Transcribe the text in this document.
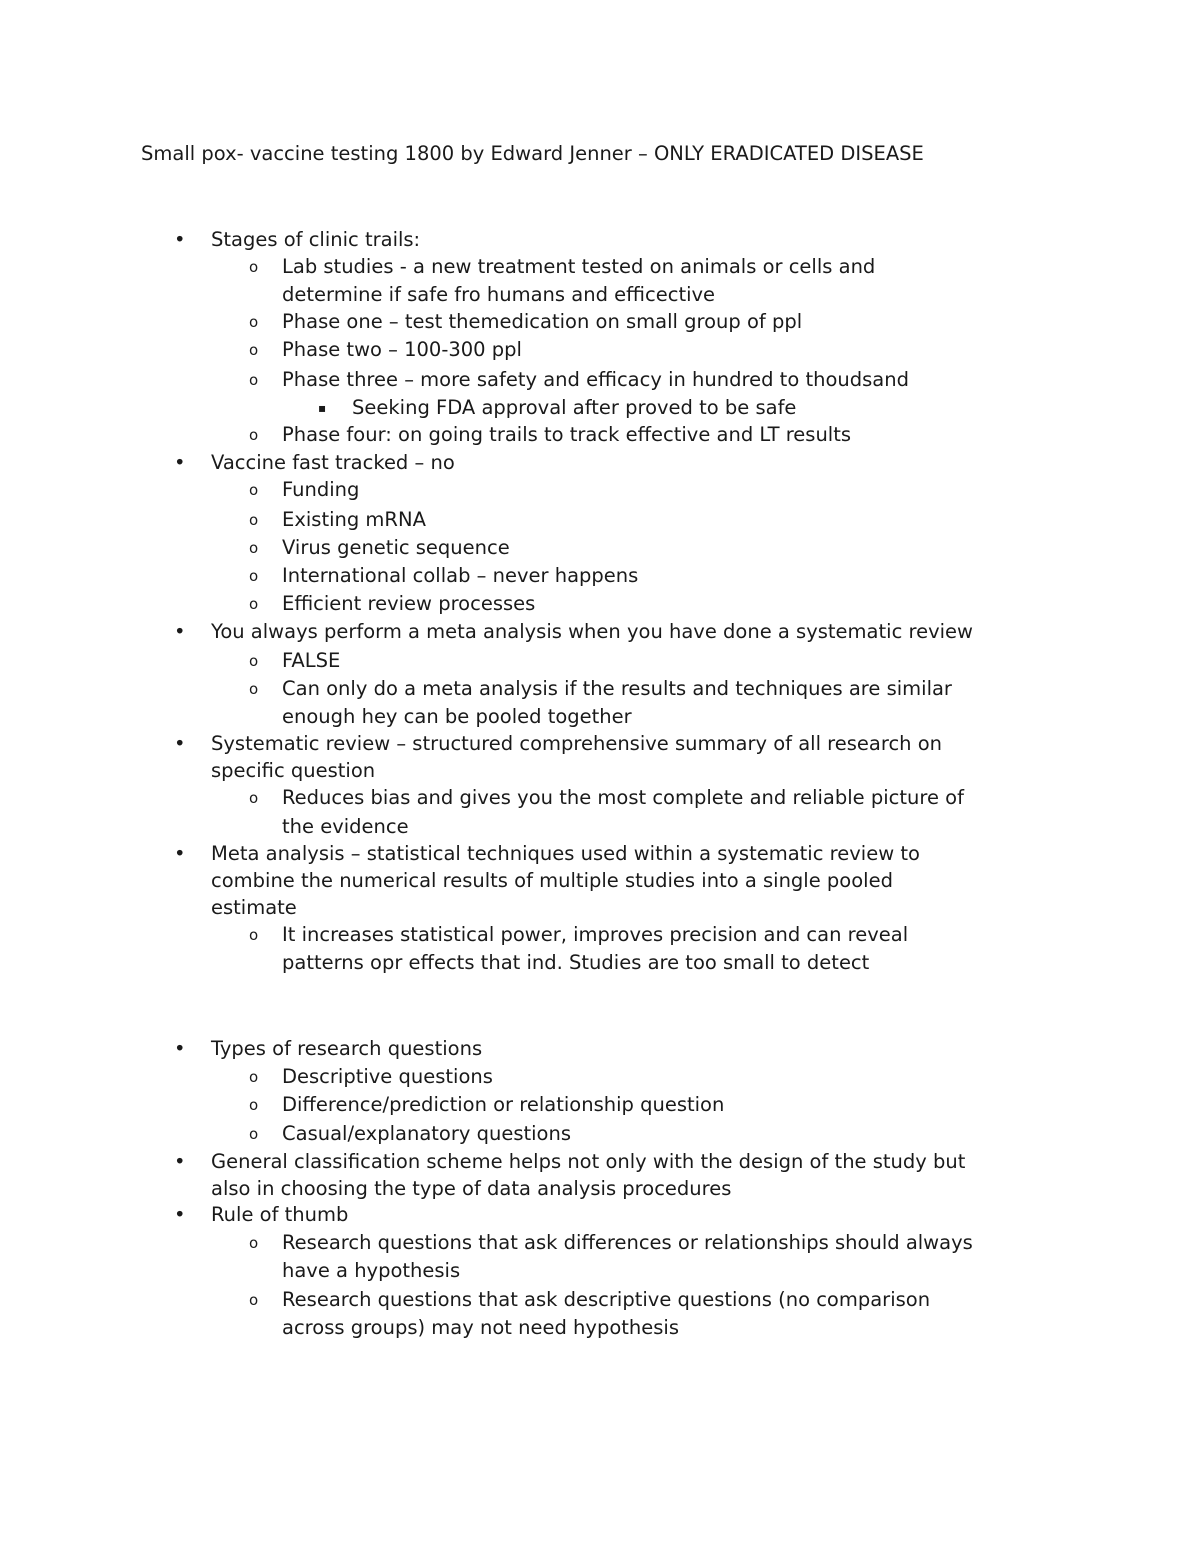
Small pox- vaccine testing 1800 by Edward Jenner – ONLY ERADICATED DISEASE
• Stages of clinic trails:
o Lab studies - a new treatment tested on animals or cells and
determine if safe fro humans and efficective
o Phase one – test themedication on small group of ppl
o Phase two – 100-300 ppl
o Phase three – more safety and efficacy in hundred to thoudsand
▪ Seeking FDA approval after proved to be safe
o Phase four: on going trails to track effective and LT results
• Vaccine fast tracked – no
o Funding
o Existing mRNA
o Virus genetic sequence
o International collab – never happens
o Efficient review processes
• You always perform a meta analysis when you have done a systematic review
o FALSE
o Can only do a meta analysis if the results and techniques are similar
enough hey can be pooled together
• Systematic review – structured comprehensive summary of all research on
specific question
o Reduces bias and gives you the most complete and reliable picture of
the evidence
• Meta analysis – statistical techniques used within a systematic review to
combine the numerical results of multiple studies into a single pooled
estimate
o It increases statistical power, improves precision and can reveal
patterns opr effects that ind. Studies are too small to detect
• Types of research questions
o Descriptive questions
o Difference/prediction or relationship question
o Casual/explanatory questions
• General classification scheme helps not only with the design of the study but
also in choosing the type of data analysis procedures
• Rule of thumb
o Research questions that ask differences or relationships should always
have a hypothesis
o Research questions that ask descriptive questions (no comparison
across groups) may not need hypothesis
